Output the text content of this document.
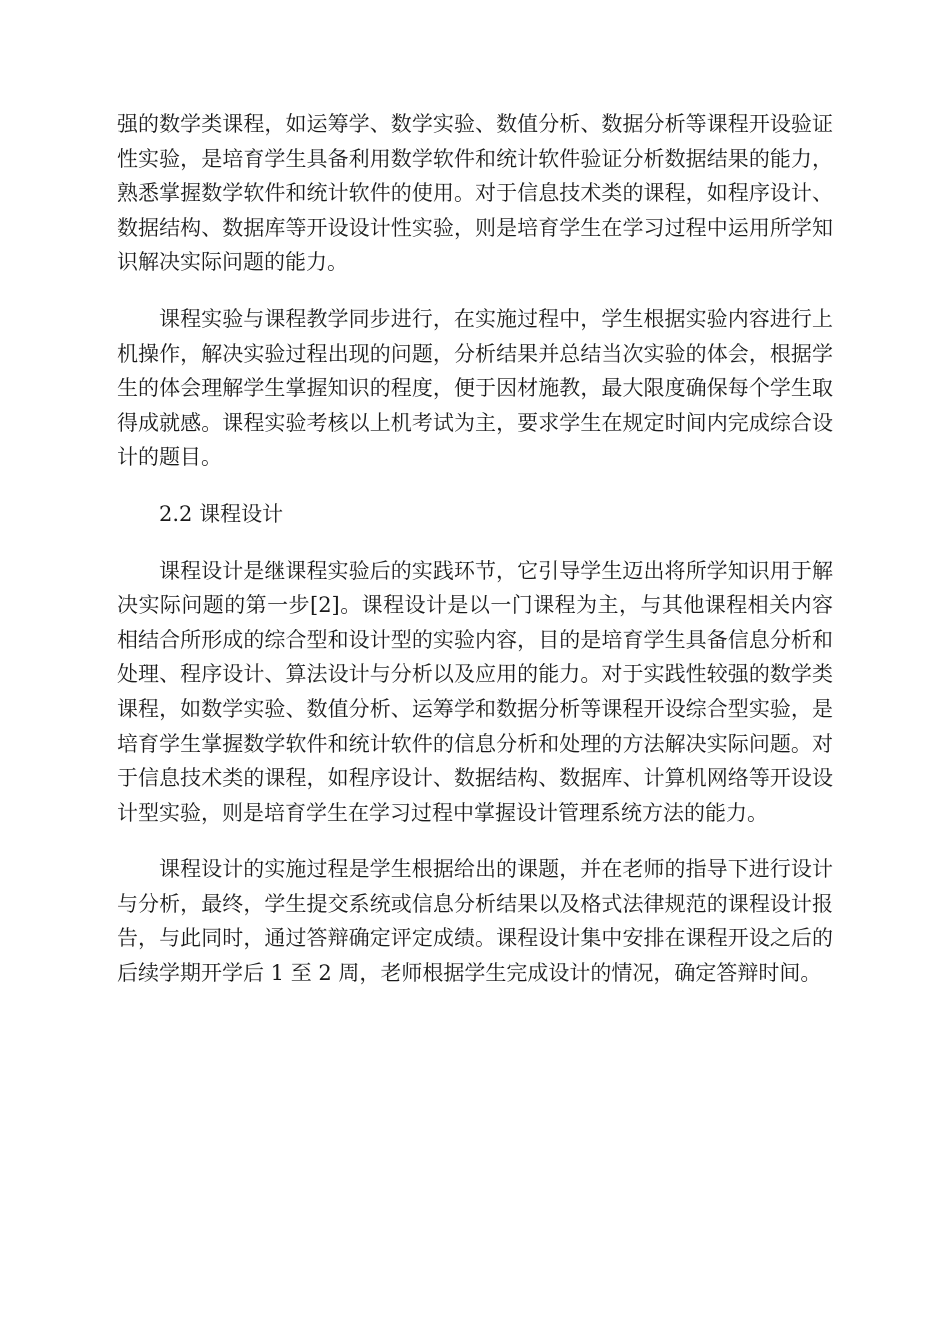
强的数学类课程，如运筹学、数学实验、数值分析、数据分析等课程开设验证性实验，是培育学生具备利用数学软件和统计软件验证分析数据结果的能力，熟悉掌握数学软件和统计软件的使用。对于信息技术类的课程，如程序设计、数据结构、数据库等开设设计性实验，则是培育学生在学习过程中运用所学知识解决实际问题的能力。

课程实验与课程教学同步进行，在实施过程中，学生根据实验内容进行上机操作，解决实验过程出现的问题，分析结果并总结当次实验的体会，根据学生的体会理解学生掌握知识的程度，便于因材施教，最大限度确保每个学生取得成就感。课程实验考核以上机考试为主，要求学生在规定时间内完成综合设计的题目。

2.2 课程设计

课程设计是继课程实验后的实践环节，它引导学生迈出将所学知识用于解决实际问题的第一步[2]。课程设计是以一门课程为主，与其他课程相关内容相结合所形成的综合型和设计型的实验内容，目的是培育学生具备信息分析和处理、程序设计、算法设计与分析以及应用的能力。对于实践性较强的数学类课程，如数学实验、数值分析、运筹学和数据分析等课程开设综合型实验，是培育学生掌握数学软件和统计软件的信息分析和处理的方法解决实际问题。对于信息技术类的课程，如程序设计、数据结构、数据库、计算机网络等开设设计型实验，则是培育学生在学习过程中掌握设计管理系统方法的能力。

课程设计的实施过程是学生根据给出的课题，并在老师的指导下进行设计与分析，最终，学生提交系统或信息分析结果以及格式法律规范的课程设计报告，与此同时，通过答辩确定评定成绩。课程设计集中安排在课程开设之后的后续学期开学后 1 至 2 周，老师根据学生完成设计的情况，确定答辩时间。
